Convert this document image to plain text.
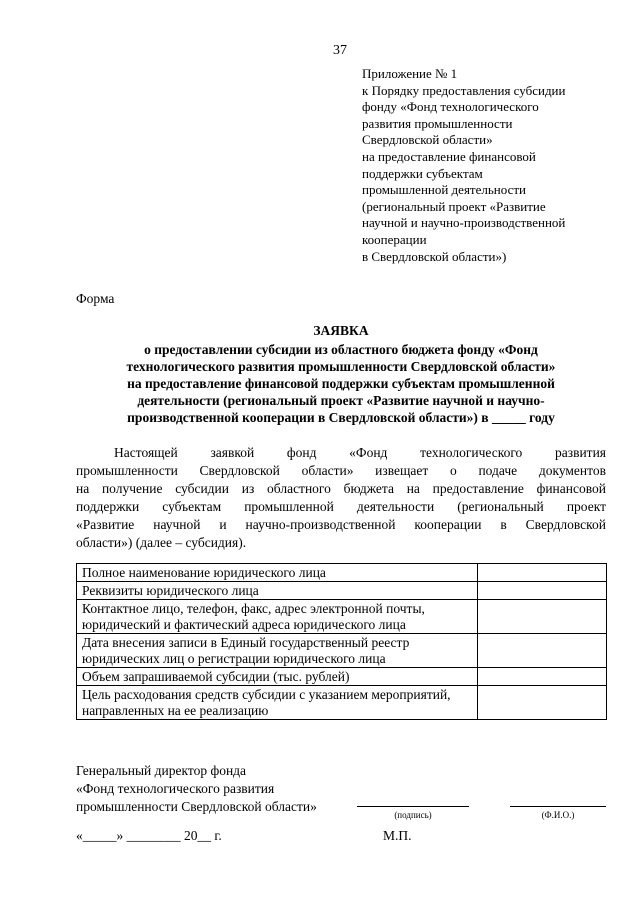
37
Приложение № 1
к Порядку предоставления субсидии
фонду «Фонд технологического
развития промышленности
Свердловской области»
на предоставление финансовой
поддержки субъектам
промышленной деятельности
(региональный проект «Развитие
научной и научно-производственной
кооперации
в Свердловской области»)
Форма
ЗАЯВКА
о предоставлении субсидии из областного бюджета фонду «Фонд
технологического развития промышленности Свердловской области»
на предоставление финансовой поддержки субъектам промышленной
деятельности (региональный проект «Развитие научной и научно-
производственной кооперации в Свердловской области») в _____ году
Настоящей заявкой фонд «Фонд технологического развития
промышленности Свердловской области» извещает о подаче документов
на получение субсидии из областного бюджета на предоставление финансовой
поддержки субъектам промышленной деятельности (региональный проект
«Развитие научной и научно-производственной кооперации в Свердловской
области») (далее – субсидия).
Полное наименование юридического лица	
Реквизиты юридического лица	
Контактное лицо, телефон, факс, адрес электронной почты, юридический и фактический адреса юридического лица	
Дата внесения записи в Единый государственный реестр юридических лиц о регистрации юридического лица	
Объем запрашиваемой субсидии (тыс. рублей)	
Цель расходования средств субсидии с указанием мероприятий, направленных на ее реализацию	
Генеральный директор фонда
«Фонд технологического развития
промышленности Свердловской области»
(подпись)	(Ф.И.О.)
«_____» ________ 20__ г.	М.П.
